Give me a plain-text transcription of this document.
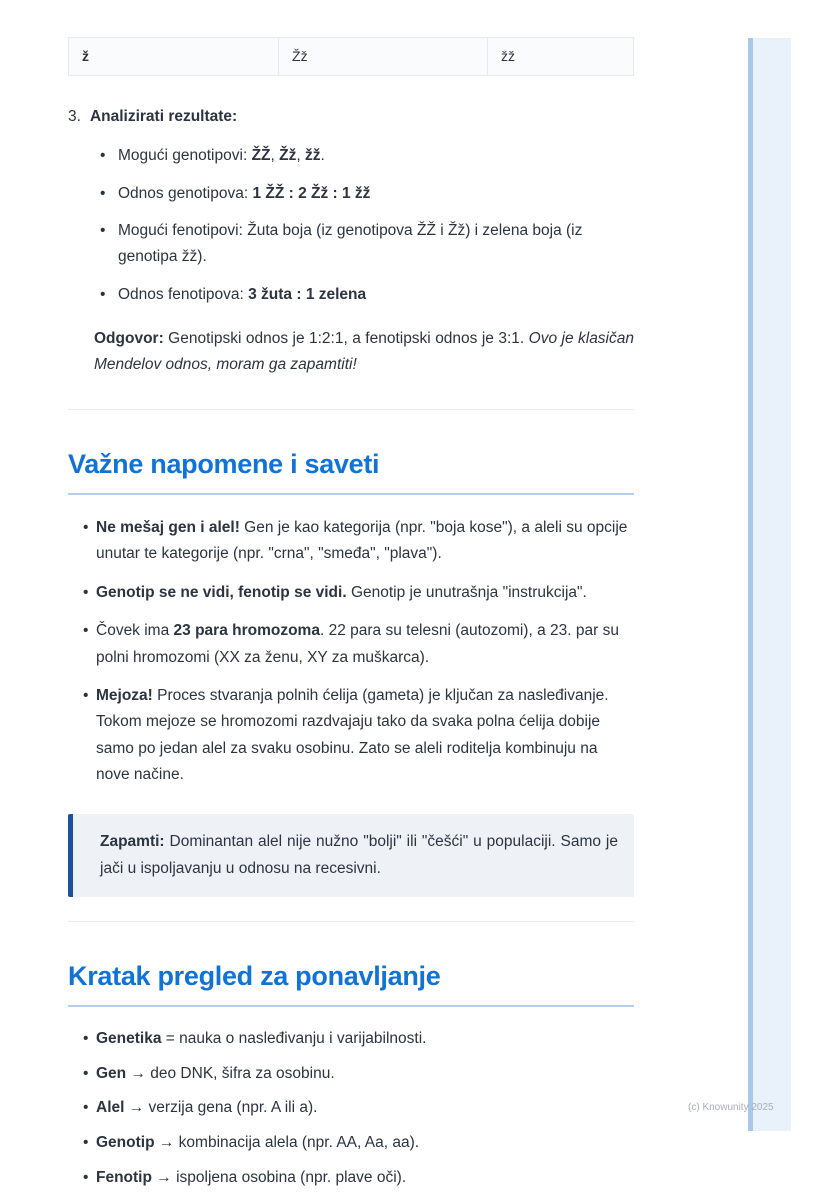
ž	Žž	žž
3. Analizirati rezultate:
• Mogući genotipovi: ŽŽ, Žž, žž.
• Odnos genotipova: 1 ŽŽ : 2 Žž : 1 žž
• Mogući fenotipovi: Žuta boja (iz genotipova ŽŽ i Žž) i zelena boja (iz genotipa žž).
• Odnos fenotipova: 3 žuta : 1 zelena

Odgovor: Genotipski odnos je 1:2:1, a fenotipski odnos je 3:1. Ovo je klasičan Mendelov odnos, moram ga zapamtiti!

Važne napomene i saveti
• Ne mešaj gen i alel! Gen je kao kategorija (npr. "boja kose"), a aleli su opcije unutar te kategorije (npr. "crna", "smeđa", "plava").
• Genotip se ne vidi, fenotip se vidi. Genotip je unutrašnja "instrukcija".
• Čovek ima 23 para hromozoma. 22 para su telesni (autozomi), a 23. par su polni hromozomi (XX za ženu, XY za muškarca).
• Mejoza! Proces stvaranja polnih ćelija (gameta) je ključan za nasleđivanje. Tokom mejoze se hromozomi razdvajaju tako da svaka polna ćelija dobije samo po jedan alel za svaku osobinu. Zato se aleli roditelja kombinuju na nove načine.

Zapamti: Dominantan alel nije nužno "bolji" ili "češći" u populaciji. Samo je jači u ispoljavanju u odnosu na recesivni.

Kratak pregled za ponavljanje
• Genetika = nauka o nasleđivanju i varijabilnosti.
• Gen → deo DNK, šifra za osobinu.
• Alel → verzija gena (npr. A ili a).
• Genotip → kombinacija alela (npr. AA, Aa, aa).
• Fenotip → ispoljena osobina (npr. plave oči).
(c) Knowunity 2025
